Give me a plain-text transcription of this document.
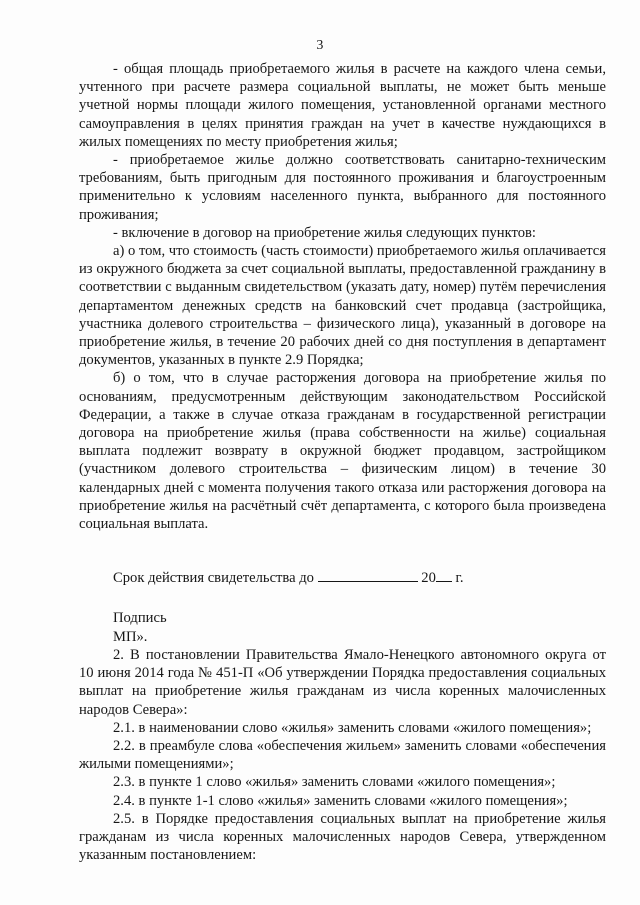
3

- общая площадь приобретаемого жилья в расчете на каждого члена семьи, учтенного при расчете размера социальной выплаты, не может быть меньше учетной нормы площади жилого помещения, установленной органами местного самоуправления в целях принятия граждан на учет в качестве нуждающихся в жилых помещениях по месту приобретения жилья;

- приобретаемое жилье должно соответствовать санитарно-техническим требованиям, быть пригодным для постоянного проживания и благоустроенным применительно к условиям населенного пункта, выбранного для постоянного проживания;

- включение в договор на приобретение жилья следующих пунктов:

а) о том, что стоимость (часть стоимости) приобретаемого жилья оплачивается из окружного бюджета за счет социальной выплаты, предоставленной гражданину в соответствии с выданным свидетельством (указать дату, номер) путём перечисления департаментом денежных средств на банковский счет продавца (застройщика, участника долевого строительства – физического лица), указанный в договоре на приобретение жилья, в течение 20 рабочих дней со дня поступления в департамент документов, указанных в пункте 2.9 Порядка;

б) о том, что в случае расторжения договора на приобретение жилья по основаниям, предусмотренным действующим законодательством Российской Федерации, а также в случае отказа гражданам в государственной регистрации договора на приобретение жилья (права собственности на жилье) социальная выплата подлежит возврату в окружной бюджет продавцом, застройщиком (участником долевого строительства – физическим лицом) в течение 30 календарных дней с момента получения такого отказа или расторжения договора на приобретение жилья на расчётный счёт департамента, с которого была произведена социальная выплата.

Срок действия свидетельства до	20 г.

Подпись

МП».

2. В постановлении Правительства Ямало-Ненецкого автономного округа от 10 июня 2014 года № 451-П «Об утверждении Порядка предоставления социальных выплат на приобретение жилья гражданам из числа коренных малочисленных народов Севера»:

2.1. в наименовании слово «жилья» заменить словами «жилого помещения»;

2.2. в преамбуле слова «обеспечения жильем» заменить словами «обеспечения жилыми помещениями»;

2.3. в пункте 1 слово «жилья» заменить словами «жилого помещения»;

2.4. в пункте 1-1 слово «жилья» заменить словами «жилого помещения»;

2.5. в Порядке предоставления социальных выплат на приобретение жилья гражданам из числа коренных малочисленных народов Севера, утвержденном указанным постановлением:
